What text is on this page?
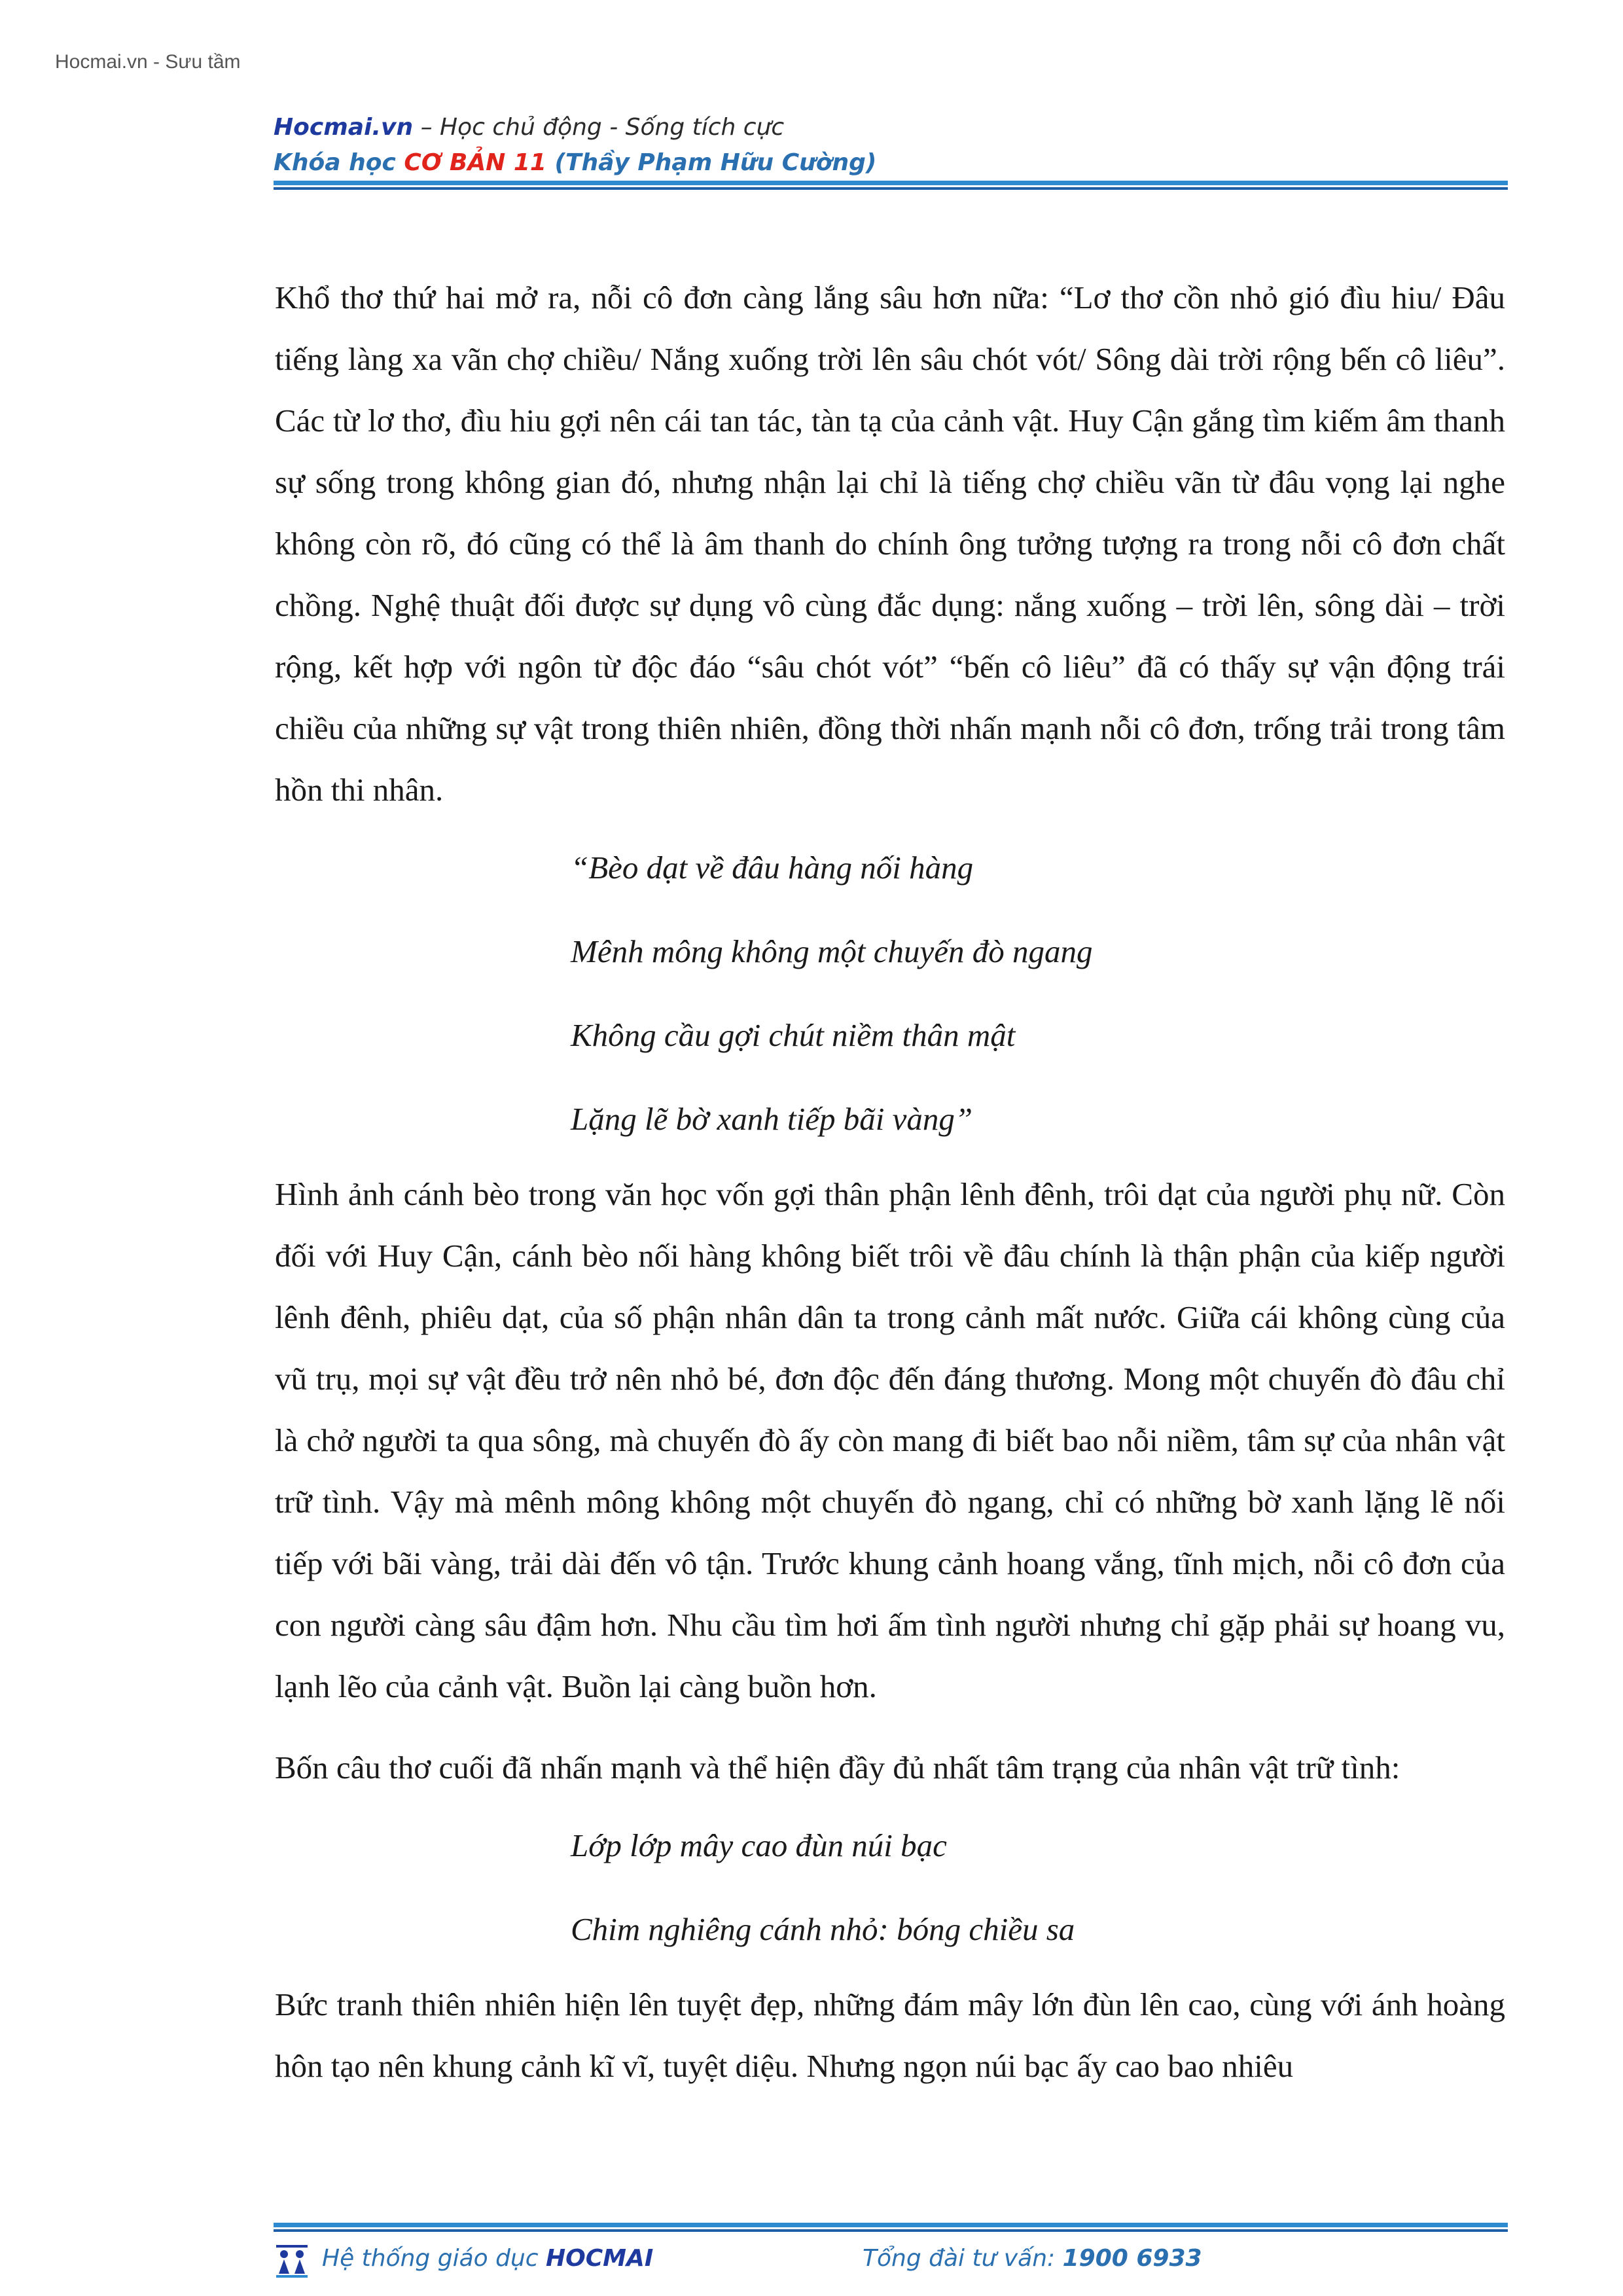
Hocmai.vn - Sưu tầm
Hocmai.vn – Học chủ động - Sống tích cực
Khóa học CƠ BẢN 11 (Thầy Phạm Hữu Cường)

Khổ thơ thứ hai mở ra, nỗi cô đơn càng lắng sâu hơn nữa: “Lơ thơ cồn nhỏ gió đìu hiu/ Đâu tiếng làng xa vãn chợ chiều/ Nắng xuống trời lên sâu chót vót/ Sông dài trời rộng bến cô liêu”. Các từ lơ thơ, đìu hiu gợi nên cái tan tác, tàn tạ của cảnh vật. Huy Cận gắng tìm kiếm âm thanh sự sống trong không gian đó, nhưng nhận lại chỉ là tiếng chợ chiều vãn từ đâu vọng lại nghe không còn rõ, đó cũng có thể là âm thanh do chính ông tưởng tượng ra trong nỗi cô đơn chất chồng. Nghệ thuật đối được sự dụng vô cùng đắc dụng: nắng xuống – trời lên, sông dài – trời rộng, kết hợp với ngôn từ độc đáo “sâu chót vót” “bến cô liêu” đã có thấy sự vận động trái chiều của những sự vật trong thiên nhiên, đồng thời nhấn mạnh nỗi cô đơn, trống trải trong tâm hồn thi nhân.

“Bèo dạt về đâu hàng nối hàng

Mênh mông không một chuyến đò ngang

Không cầu gợi chút niềm thân mật

Lặng lẽ bờ xanh tiếp bãi vàng”

Hình ảnh cánh bèo trong văn học vốn gợi thân phận lênh đênh, trôi dạt của người phụ nữ. Còn đối với Huy Cận, cánh bèo nối hàng không biết trôi về đâu chính là thận phận của kiếp người lênh đênh, phiêu dạt, của số phận nhân dân ta trong cảnh mất nước. Giữa cái không cùng của vũ trụ, mọi sự vật đều trở nên nhỏ bé, đơn độc đến đáng thương. Mong một chuyến đò đâu chỉ là chở người ta qua sông, mà chuyến đò ấy còn mang đi biết bao nỗi niềm, tâm sự của nhân vật trữ tình. Vậy mà mênh mông không một chuyến đò ngang, chỉ có những bờ xanh lặng lẽ nối tiếp với bãi vàng, trải dài đến vô tận. Trước khung cảnh hoang vắng, tĩnh mịch, nỗi cô đơn của con người càng sâu đậm hơn. Nhu cầu tìm hơi ấm tình người nhưng chỉ gặp phải sự hoang vu, lạnh lẽo của cảnh vật. Buồn lại càng buồn hơn.

Bốn câu thơ cuối đã nhấn mạnh và thể hiện đầy đủ nhất tâm trạng của nhân vật trữ tình:

Lớp lớp mây cao đùn núi bạc

Chim nghiêng cánh nhỏ: bóng chiều sa

Bức tranh thiên nhiên hiện lên tuyệt đẹp, những đám mây lớn đùn lên cao, cùng với ánh hoàng hôn tạo nên khung cảnh kĩ vĩ, tuyệt diệu. Nhưng ngọn núi bạc ấy cao bao nhiêu

Hệ thống giáo dục HOCMAI	Tổng đài tư vấn: 1900 6933
